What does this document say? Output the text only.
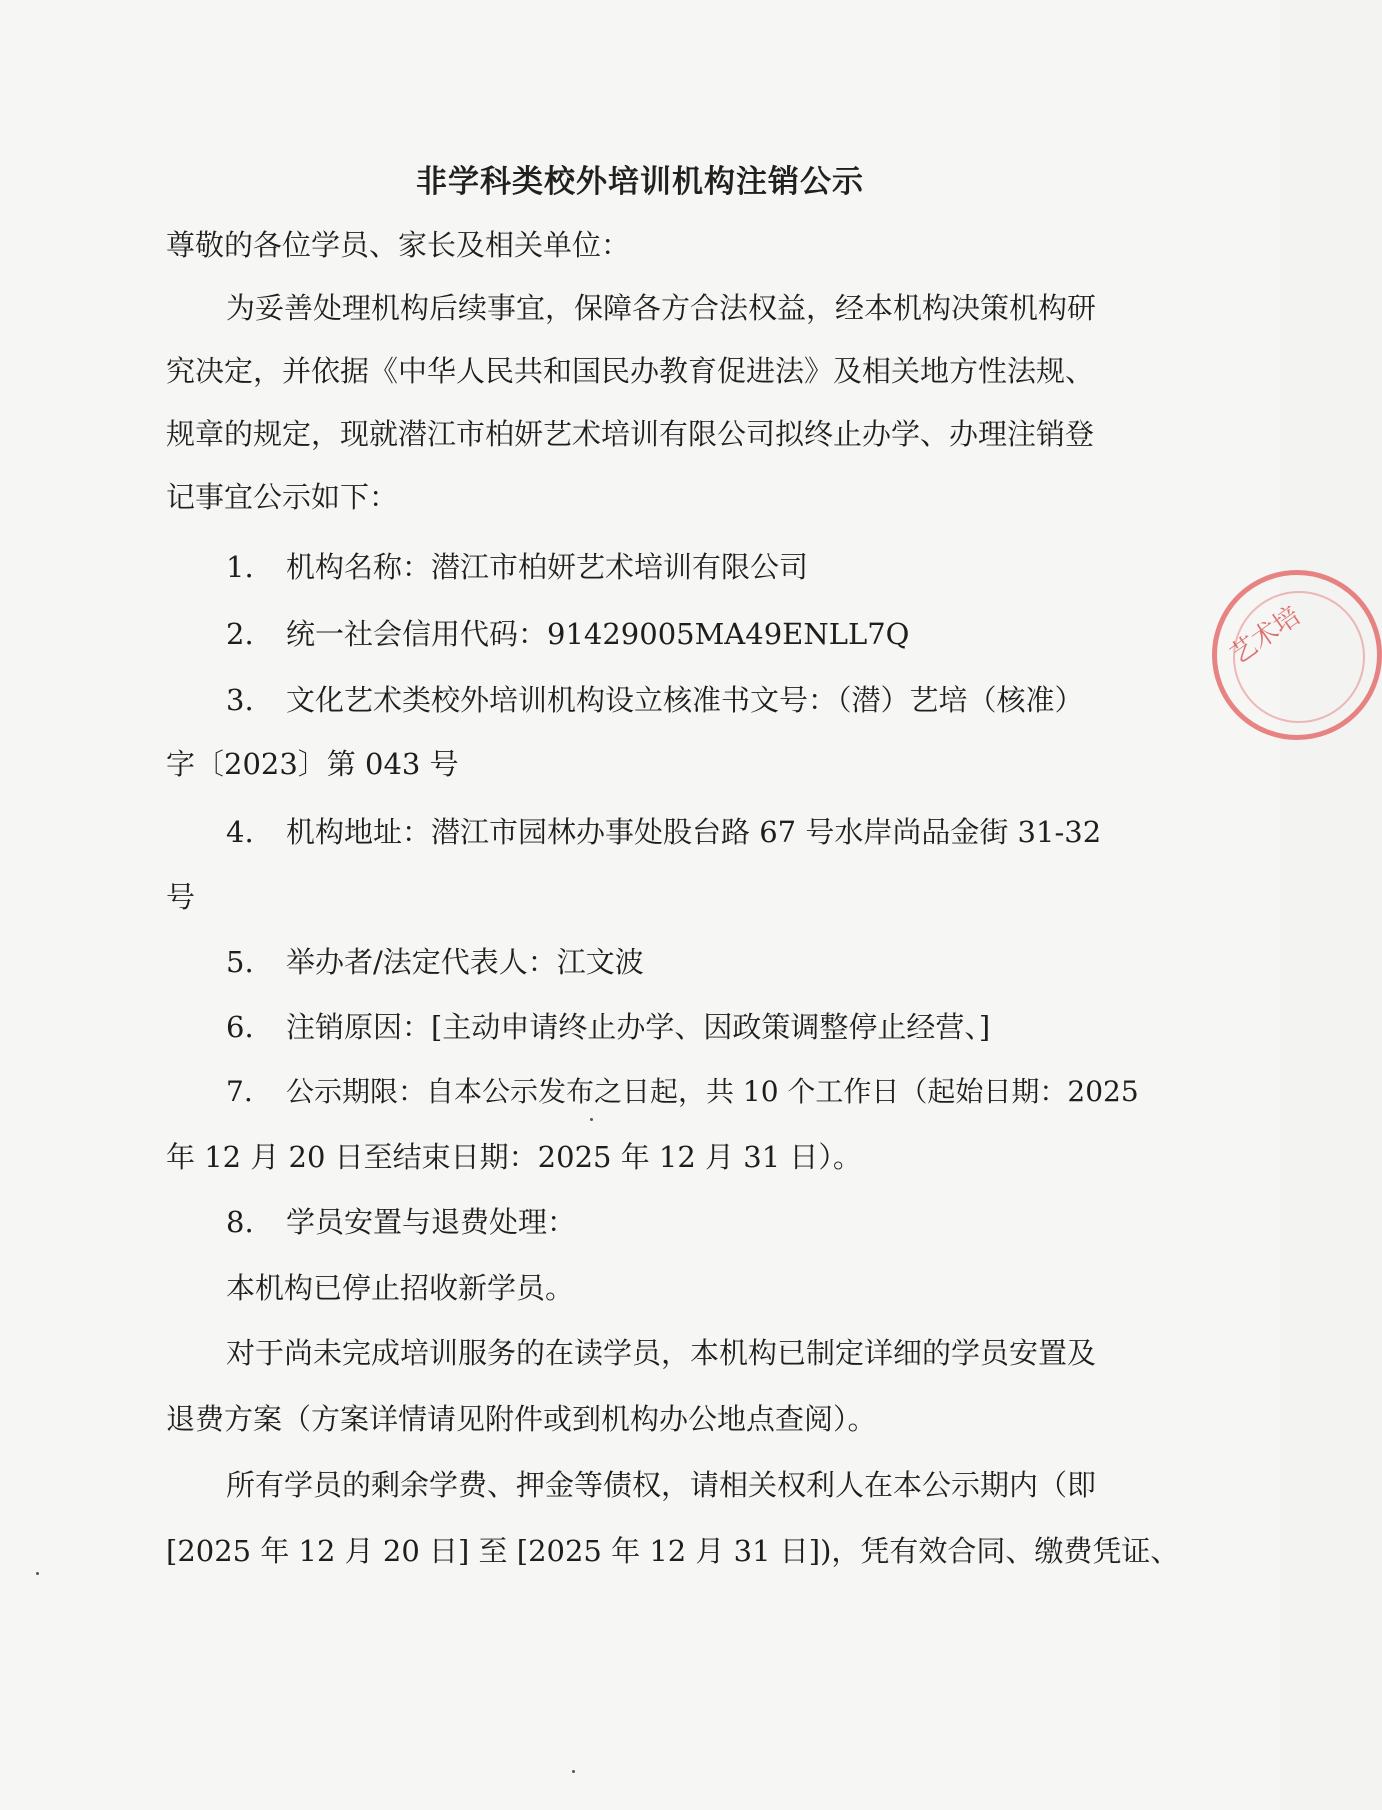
非学科类校外培训机构注销公示
尊敬的各位学员、家长及相关单位：
为妥善处理机构后续事宜，保障各方合法权益，经本机构决策机构研
究决定，并依据《中华人民共和国民办教育促进法》及相关地方性法规、
规章的规定，现就潜江市柏妍艺术培训有限公司拟终止办学、办理注销登
记事宜公示如下：
1. 机构名称：潜江市柏妍艺术培训有限公司
2. 统一社会信用代码：91429005MA49ENLL7Q
3. 文化艺术类校外培训机构设立核准书文号：（潜）艺培（核准）
字〔2023〕第 043 号
4. 机构地址：潜江市园林办事处股台路 67 号水岸尚品金街 31-32
号
5. 举办者/法定代表人：江文波
6. 注销原因：[主动申请终止办学、因政策调整停止经营、]
7. 公示期限：自本公示发布之日起，共 10 个工作日（起始日期：2025
年 12 月 20 日至结束日期：2025 年 12 月 31 日）。
8. 学员安置与退费处理：
本机构已停止招收新学员。
对于尚未完成培训服务的在读学员，本机构已制定详细的学员安置及
退费方案（方案详情请见附件或到机构办公地点查阅）。
所有学员的剩余学费、押金等债权，请相关权利人在本公示期内（即
[2025 年 12 月 20 日] 至 [2025 年 12 月 31 日])，凭有效合同、缴费凭证、
艺术培
